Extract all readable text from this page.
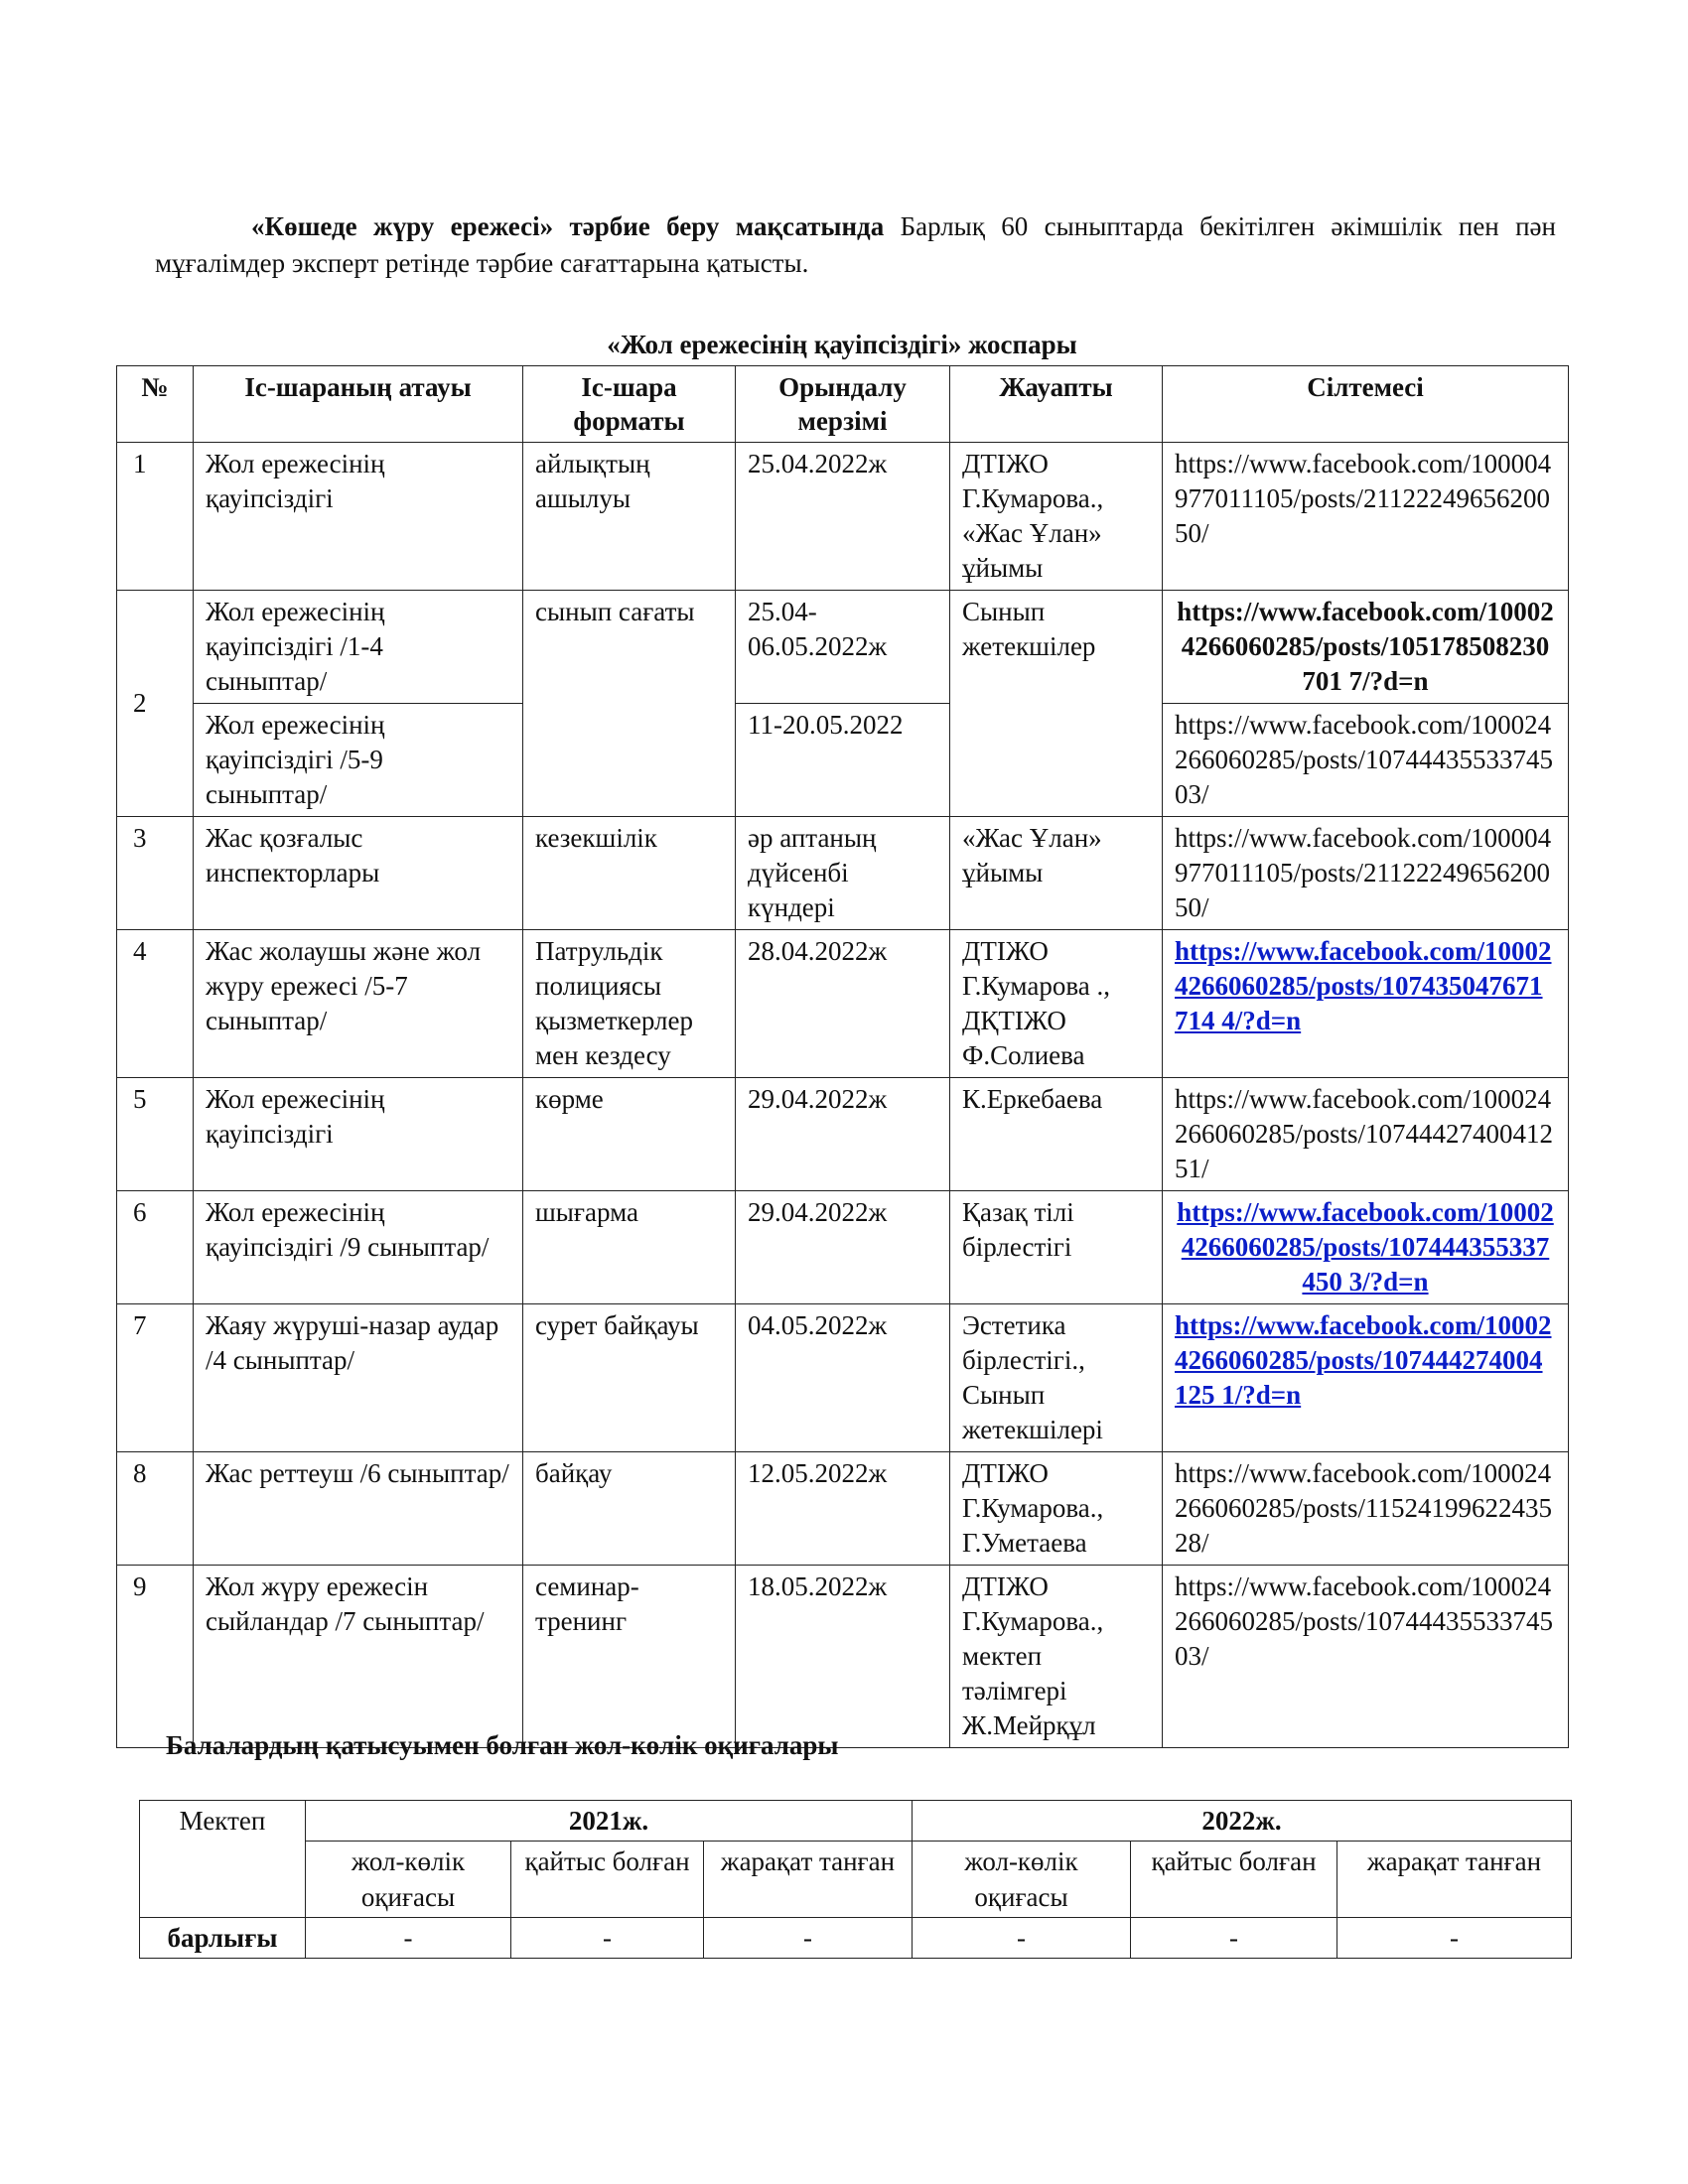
«Көшеде жүру ережесі» тәрбие беру мақсатында Барлық 60 сыныптарда бекітілген әкімшілік пен пән мұғалімдер эксперт ретінде тәрбие сағаттарына қатысты.
«Жол ережесінің қауіпсіздігі» жоспары
№	Іс-шараның атауы	Іс-шара форматы	Орындалу мерзімі	Жауапты	Сілтемесі
1	Жол ережесінің қауіпсіздігі	айлықтың ашылуы	25.04.2022ж	ДТІЖО Г.Кумарова., «Жас Ұлан» ұйымы	https://www.facebook.com/100004977011105/posts/2112224965620050/
2	Жол ережесінің қауіпсіздігі /1-4 сыныптар/	сынып сағаты	25.04-06.05.2022ж	Сынып жетекшілер	https://www.facebook.com/100024266060285/posts/105178508230701 7/?d=n
	Жол ережесінің қауіпсіздігі /5-9 сыныптар/		11-20.05.2022		https://www.facebook.com/100024266060285/posts/1074443553374503/
3	Жас қозғалыс инспекторлары	кезекшілік	әр аптаның дүйсенбі күндері	«Жас Ұлан» ұйымы	https://www.facebook.com/100004977011105/posts/2112224965620050/
4	Жас жолаушы және жол жүру ережесі /5-7 сыныптар/	Патрульдік полициясы қызметкерлер мен кездесу	28.04.2022ж	ДТІЖО Г.Кумарова ., ДҚТІЖО Ф.Солиева	https://www.facebook.com/100024266060285/posts/107435047671714 4/?d=n
5	Жол ережесінің қауіпсіздігі	көрме	29.04.2022ж	К.Еркебаева	https://www.facebook.com/100024266060285/posts/1074442740041251/
6	Жол ережесінің қауіпсіздігі /9 сыныптар/	шығарма	29.04.2022ж	Қазақ тілі бірлестігі	https://www.facebook.com/100024266060285/posts/107444355337450 3/?d=n
7	Жаяу жүруші-назар аудар /4 сыныптар/	сурет байқауы	04.05.2022ж	Эстетика бірлестігі., Сынып жетекшілері	https://www.facebook.com/100024266060285/posts/107444274004125 1/?d=n
8	Жас реттеуш /6 сыныптар/	байқау	12.05.2022ж	ДТІЖО Г.Кумарова., Г.Уметаева	https://www.facebook.com/100024266060285/posts/1152419962243528/
9	Жол жүру ережесін сыйландар /7 сыныптар/	семинар-тренинг	18.05.2022ж	ДТІЖО Г.Кумарова., мектеп тәлімгері Ж.Мейрқұл	https://www.facebook.com/100024266060285/posts/1074443553374503/
Балалардың қатысуымен болған жол-көлік оқиғалары
Мектеп	2021ж.			2022ж.		
	жол-көлік оқиғасы	қайтыс болған	жарақат танған	жол-көлік оқиғасы	қайтыс болған	жарақат танған
барлығы	-	-	-	-	-	-
